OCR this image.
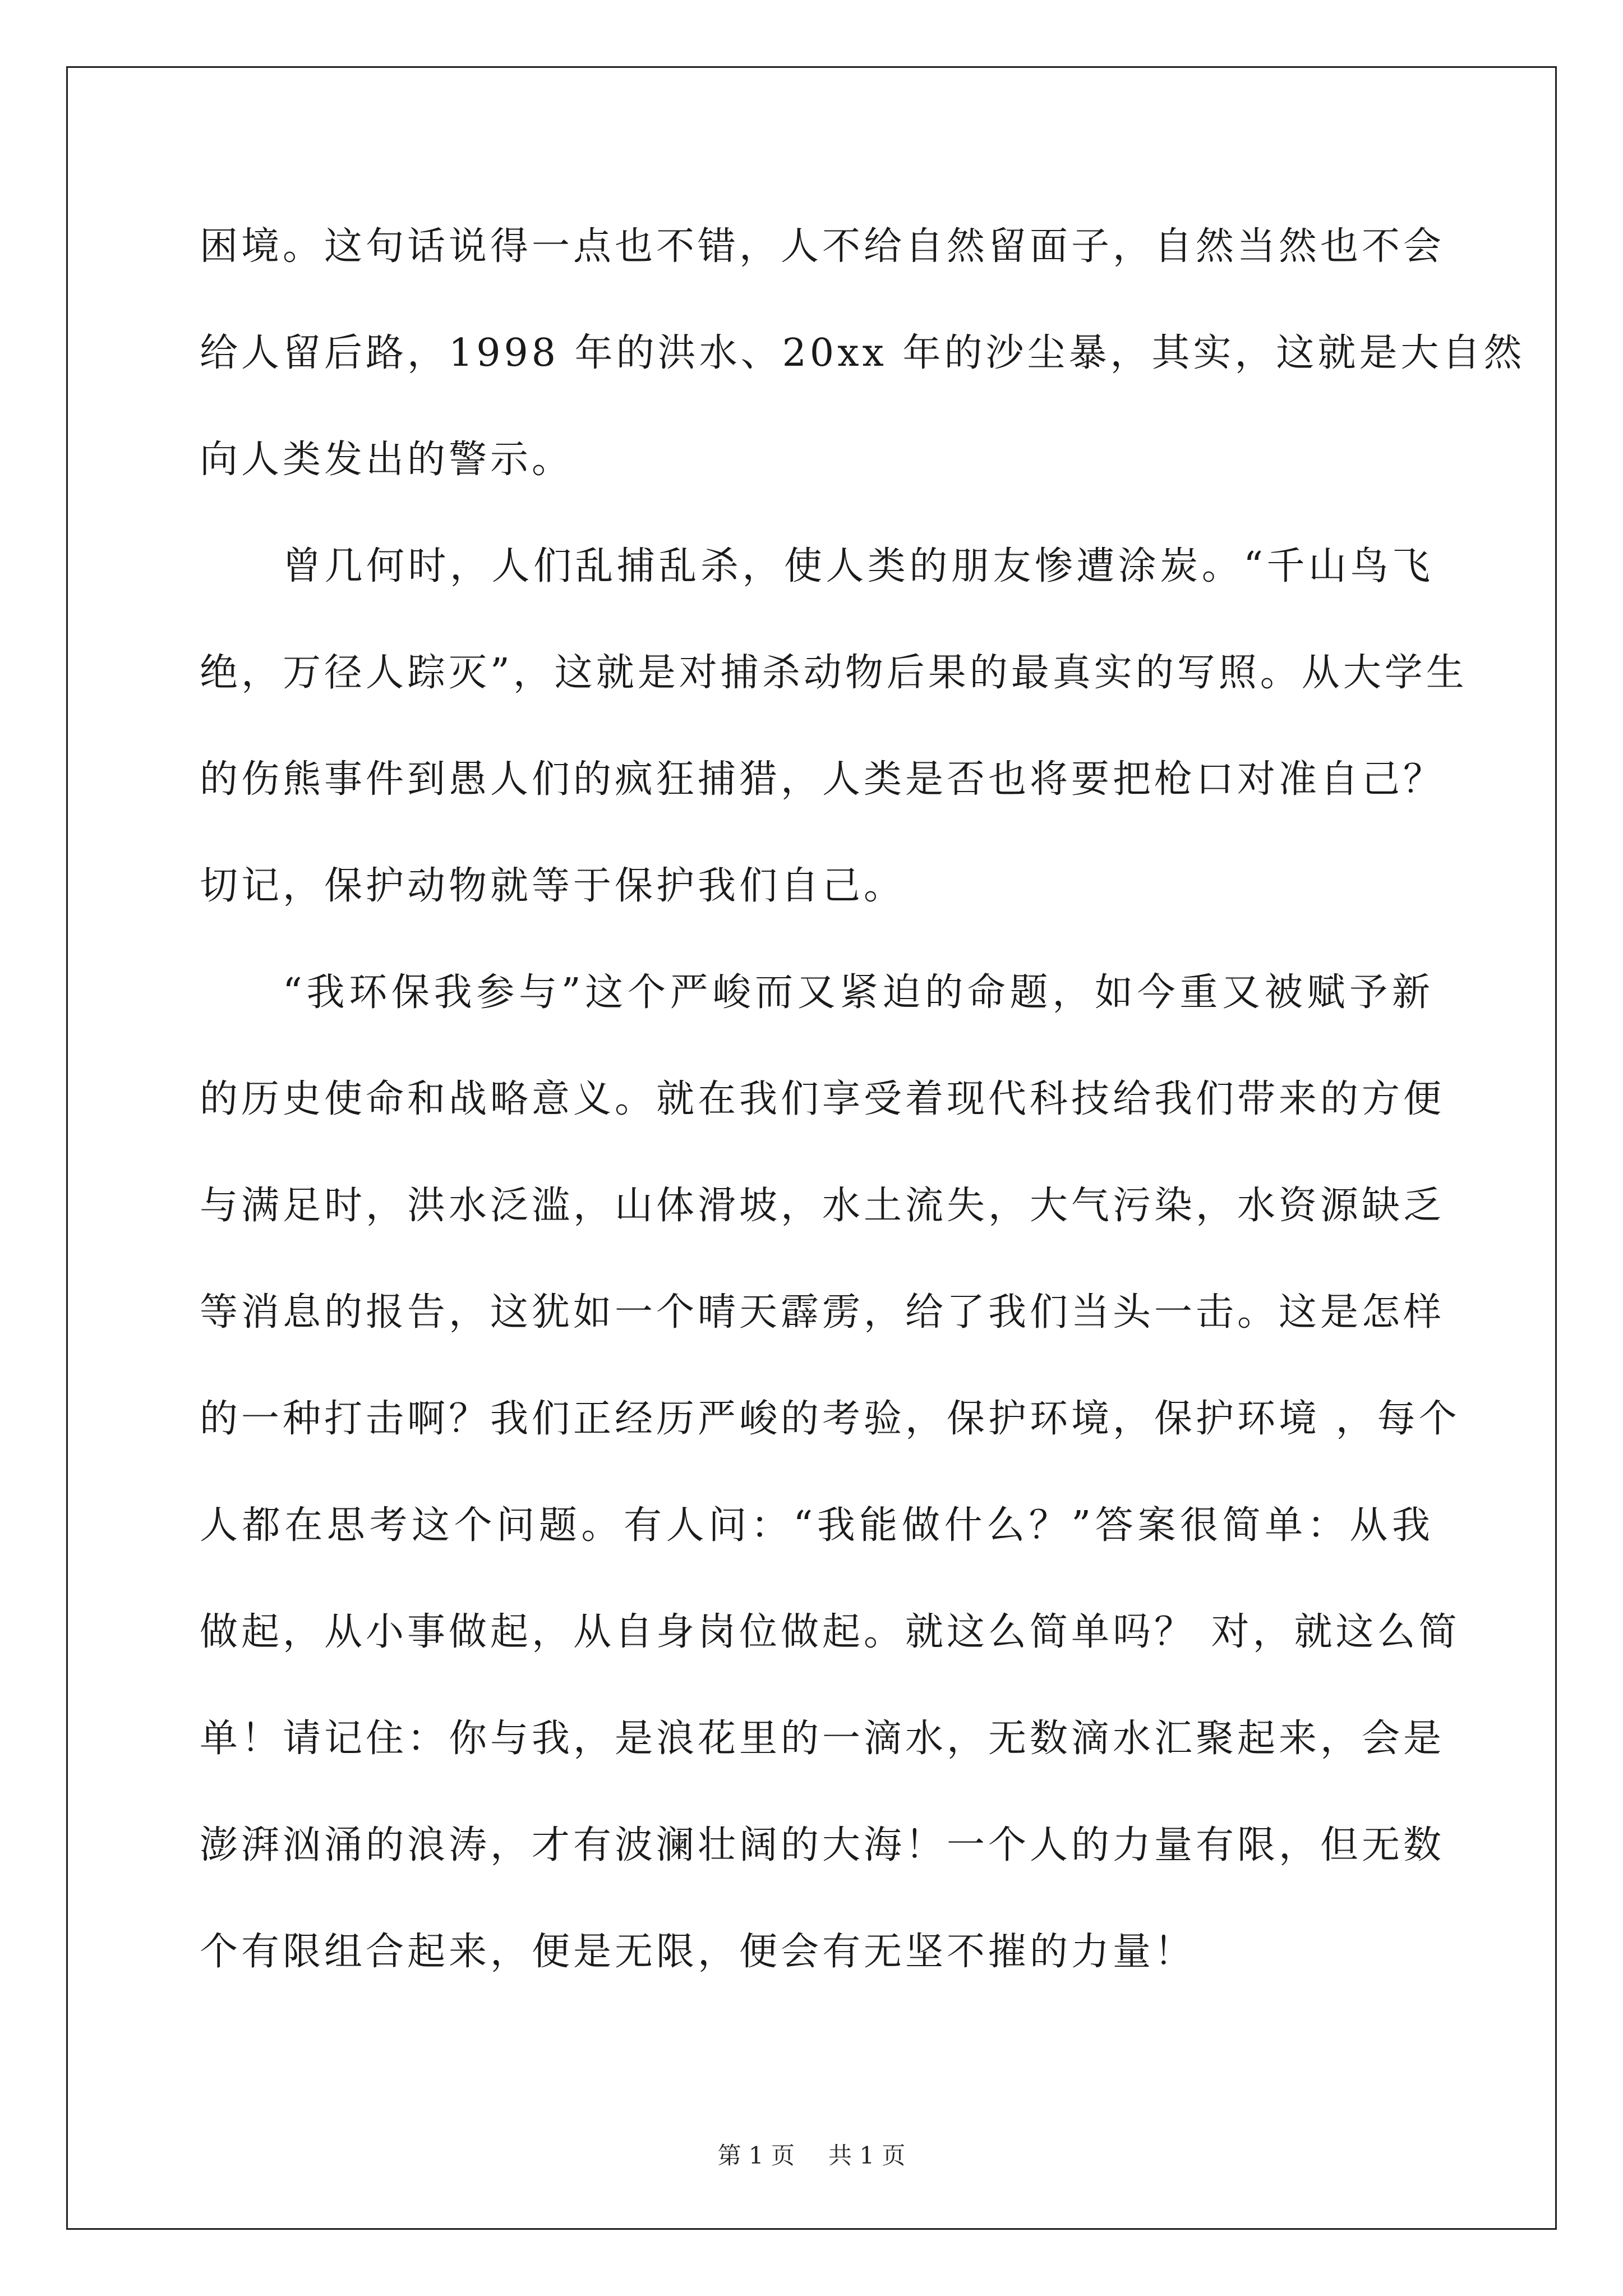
困境。这句话说得一点也不错，人不给自然留面子，自然当然也不会
给人留后路，1998 年的洪水、20xx 年的沙尘暴，其实，这就是大自然
向人类发出的警示。
曾几何时，人们乱捕乱杀，使人类的朋友惨遭涂炭。“千山鸟飞
绝，万径人踪灭”，这就是对捕杀动物后果的最真实的写照。从大学生
的伤熊事件到愚人们的疯狂捕猎，人类是否也将要把枪口对准自己？
切记，保护动物就等于保护我们自己。
“我环保我参与”这个严峻而又紧迫的命题，如今重又被赋予新
的历史使命和战略意义。就在我们享受着现代科技给我们带来的方便
与满足时，洪水泛滥，山体滑坡，水土流失，大气污染，水资源缺乏
等消息的报告，这犹如一个晴天霹雳，给了我们当头一击。这是怎样
的一种打击啊？我们正经历严峻的考验，保护环境，保护环境 ，每个
人都在思考这个问题。有人问：“我能做什么？”答案很简单：从我
做起，从小事做起，从自身岗位做起。就这么简单吗？ 对，就这么简
单！请记住：你与我，是浪花里的一滴水，无数滴水汇聚起来，会是
澎湃汹涌的浪涛，才有波澜壮阔的大海！一个人的力量有限，但无数
个有限组合起来，便是无限，便会有无坚不摧的力量！
第 1 页 共 1 页
